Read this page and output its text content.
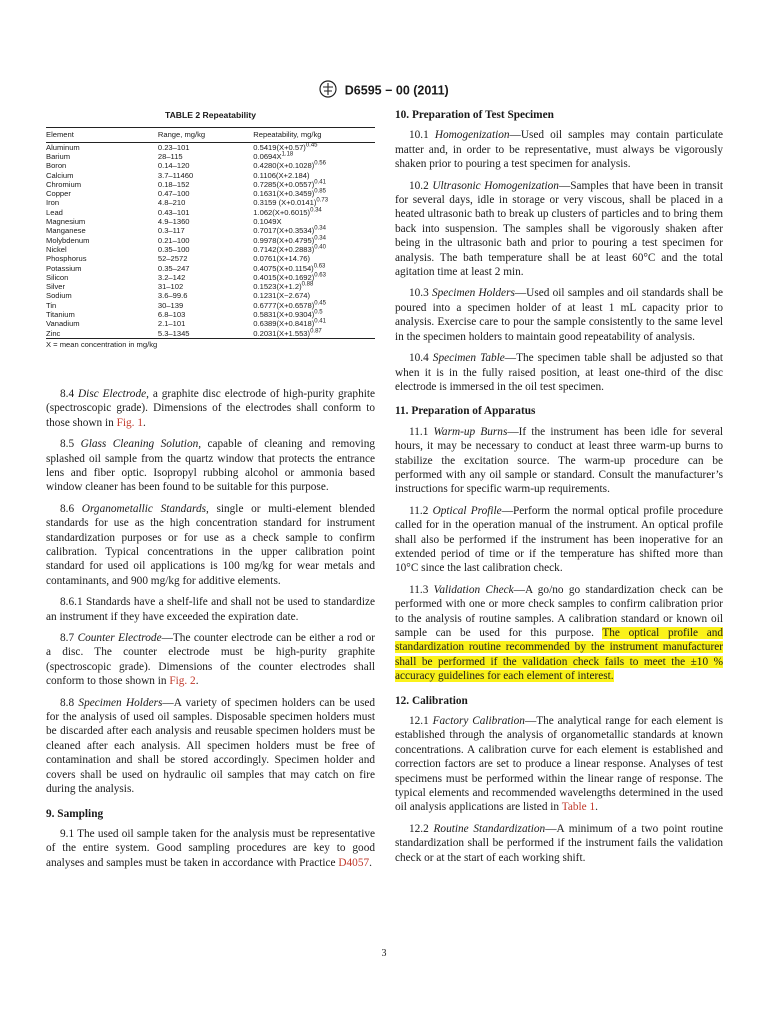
D6595 − 00 (2011)
TABLE 2 Repeatability
Element	Range, mg/kg	Repeatability, mg/kg
Aluminum	0.23–101	$0.5419(X+0.57)^{0.45}$
Barium	28–115	$0.0694X^{1.18}$
Boron	0.14–120	$0.4280(X+0.1028)^{0.56}$
Calcium	3.7–11460	0.1106(X+2.184)
Chromium	0.18–152	$0.7285(X+0.0557)^{0.41}$
Copper	0.47–100	$0.1631(X+0.3459)^{0.85}$
Iron	4.8–210	0.3159 $(X+0.0141)^{0.73}$
Lead	0.43–101	$1.062(X+0.6015)^{0.34}$
Magnesium	4.9–1360	0.1049X
Manganese	0.3–117	$0.7017(X+0.3534)^{0.34}$
Molybdenum	0.21–100	$0.9978(X+0.4795)^{0.34}$
Nickel	0.35–100	$0.7142(X+0.2883)^{0.40}$
Phosphorus	52–2572	0.0761(X+14.76)
Potassium	0.35–247	$0.4075(X+0.1154)^{0.63}$
Silicon	3.2–142	$0.4015(X+0.1692)^{0.63}$
Silver	31–102	$0.1523(X+1.2)^{0.88}$
Sodium	3.6–99.6	0.1231(X−2.674)
Tin	30–139	$0.6777(X+0.6578)^{0.45}$
Titanium	6.8–103	$0.5831(X+0.9304)^{0.5}$
Vanadium	2.1–101	$0.6389(X+0.8418)^{0.41}$
Zinc	5.3–1345	$0.2031(X+1.553)^{0.87}$
X = mean concentration in mg/kg

8.4 Disc Electrode, a graphite disc electrode of high-purity graphite (spectroscopic grade). Dimensions of the electrodes shall conform to those shown in Fig. 1.

8.5 Glass Cleaning Solution, capable of cleaning and removing splashed oil sample from the quartz window that protects the entrance lens and fiber optic. Isopropyl rubbing alcohol or ammonia based window cleaner has been found to be suitable for this purpose.

8.6 Organometallic Standards, single or multi-element blended standards for use as the high concentration standard for instrument standardization purposes or for use as a check sample to confirm calibration. Typical concentrations in the upper calibration point standard for used oil applications is 100 mg/kg for wear metals and contaminants, and 900 mg/kg for additive elements.

8.6.1 Standards have a shelf-life and shall not be used to standardize an instrument if they have exceeded the expiration date.

8.7 Counter Electrode—The counter electrode can be either a rod or a disc. The counter electrode must be high-purity graphite (spectroscopic grade). Dimensions of the counter electrodes shall conform to those shown in Fig. 2.

8.8 Specimen Holders—A variety of specimen holders can be used for the analysis of used oil samples. Disposable specimen holders must be discarded after each analysis and reusable specimen holders must be cleaned after each analysis. All specimen holders must be free of contamination and shall be stored accordingly. Specimen holder and covers shall be used on hydraulic oil samples that may catch on fire during the analysis.

9. Sampling

9.1 The used oil sample taken for the analysis must be representative of the entire system. Good sampling procedures are key to good analyses and samples must be taken in accordance with Practice D4057.

10. Preparation of Test Specimen

10.1 Homogenization—Used oil samples may contain particulate matter and, in order to be representative, must always be vigorously shaken prior to pouring a test specimen for analysis.

10.2 Ultrasonic Homogenization—Samples that have been in transit for several days, idle in storage or very viscous, shall be placed in a heated ultrasonic bath to break up clusters of particles and to bring them back into suspension. The samples shall be vigorously shaken after being in the ultrasonic bath and prior to pouring a test specimen for analysis. The bath temperature shall be at least 60°C and the total agitation time at least 2 min.

10.3 Specimen Holders—Used oil samples and oil standards shall be poured into a specimen holder of at least 1 mL capacity prior to analysis. Exercise care to pour the sample consistently to the same level in the specimen holders to maintain good repeatability of analysis.

10.4 Specimen Table—The specimen table shall be adjusted so that when it is in the fully raised position, at least one-third of the disc electrode is immersed in the oil test specimen.

11. Preparation of Apparatus

11.1 Warm-up Burns—If the instrument has been idle for several hours, it may be necessary to conduct at least three warm-up burns to stabilize the excitation source. The warm-up procedure can be performed with any oil sample or standard. Consult the manufacturer’s instructions for specific warm-up requirements.

11.2 Optical Profile—Perform the normal optical profile procedure called for in the operation manual of the instrument. An optical profile shall also be performed if the instrument has been inoperative for an extended period of time or if the temperature has shifted more than 10°C since the last calibration check.

11.3 Validation Check—A go/no go standardization check can be performed with one or more check samples to confirm calibration prior to the analysis of routine samples. A calibration standard or known oil sample can be used for this purpose. The optical profile and standardization routine recommended by the instrument manufacturer shall be performed if the validation check fails to meet the ±10 % accuracy guidelines for each element of interest.

12. Calibration

12.1 Factory Calibration—The analytical range for each element is established through the analysis of organometallic standards at known concentrations. A calibration curve for each element is established and correction factors are set to produce a linear response. Analyses of test specimens must be performed within the linear range of response. The typical elements and recommended wavelengths determined in the used oil analysis applications are listed in Table 1.

12.2 Routine Standardization—A minimum of a two point routine standardization shall be performed if the instrument fails the validation check or at the start of each working shift.

3
